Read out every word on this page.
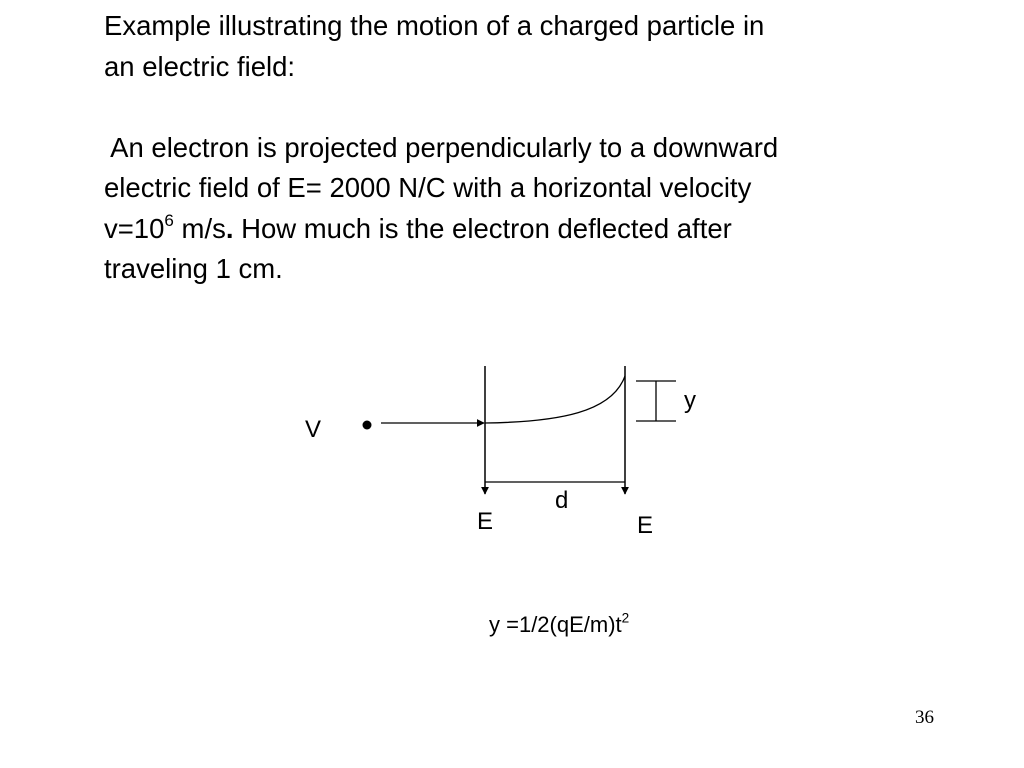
Example illustrating the motion of a charged particle in

an electric field:

An electron is projected perpendicularly to a downward

electric field of E= 2000 N/C with a horizontal velocity

$v=10^6$ m/s. How much is the electron deflected after

traveling 1 cm.

V
y
d
E	E
$y =1/2(qE/m)t^2$
36
